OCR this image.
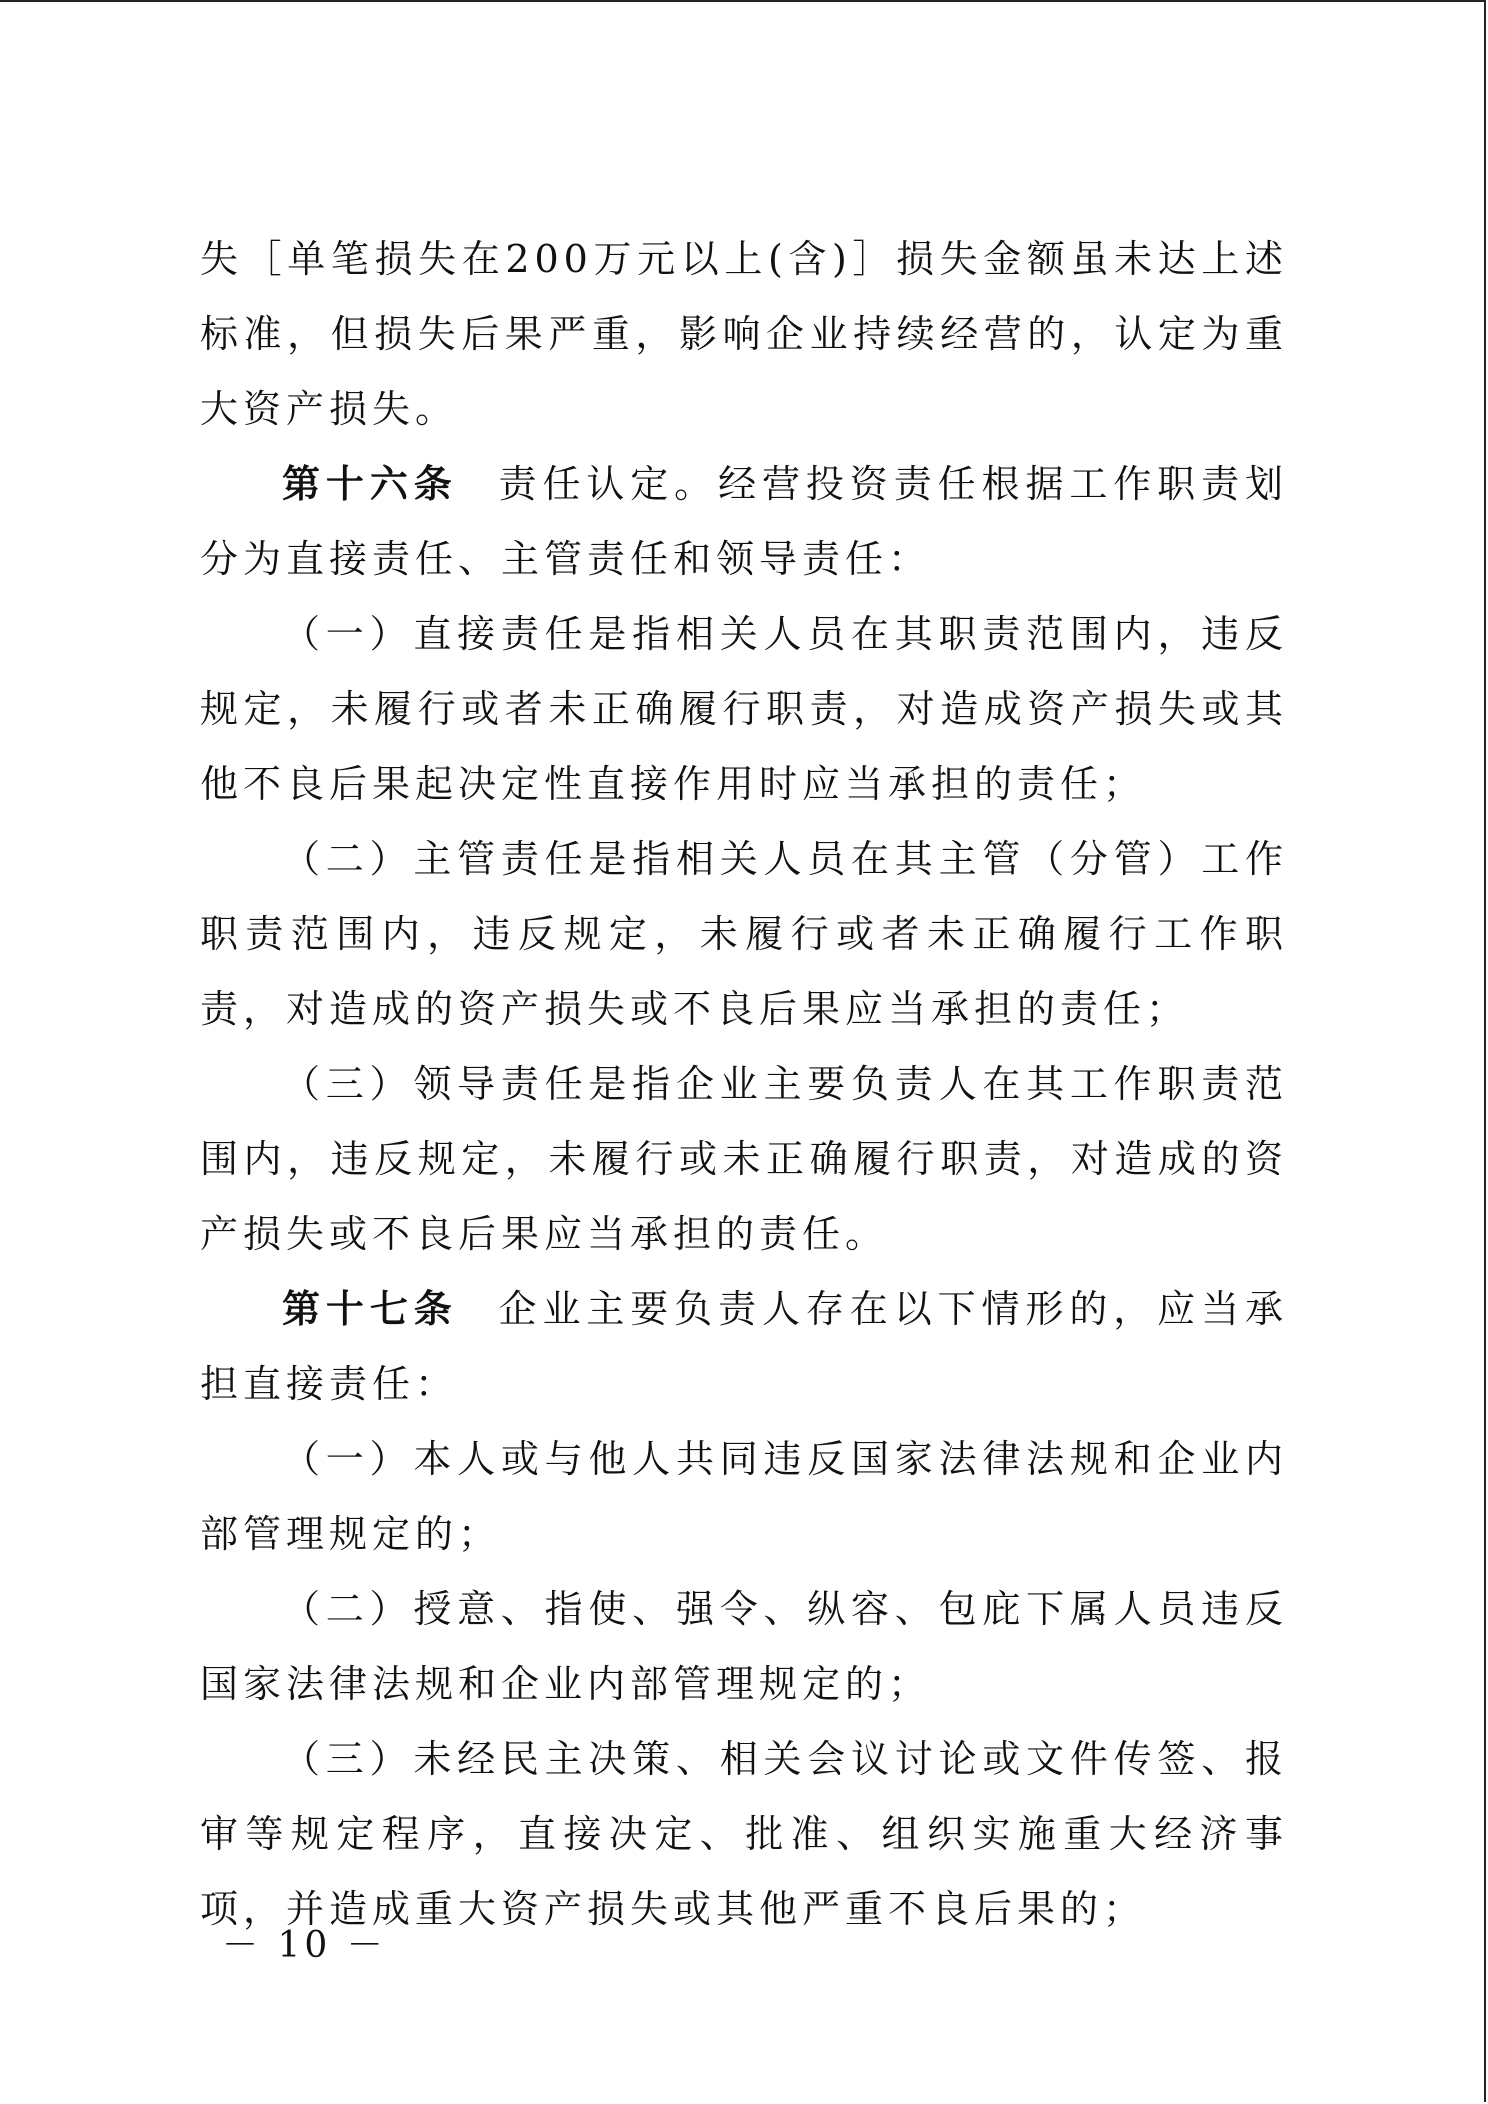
失［单笔损失在200万元以上(含)］损失金额虽未达上述标准，但损失后果严重，影响企业持续经营的，认定为重大资产损失。

第十六条 责任认定。经营投资责任根据工作职责划分为直接责任、主管责任和领导责任：

（一）直接责任是指相关人员在其职责范围内，违反规定，未履行或者未正确履行职责，对造成资产损失或其他不良后果起决定性直接作用时应当承担的责任；

（二）主管责任是指相关人员在其主管（分管）工作职责范围内，违反规定，未履行或者未正确履行工作职责，对造成的资产损失或不良后果应当承担的责任；

（三）领导责任是指企业主要负责人在其工作职责范围内，违反规定，未履行或未正确履行职责，对造成的资产损失或不良后果应当承担的责任。

第十七条 企业主要负责人存在以下情形的，应当承担直接责任：

（一）本人或与他人共同违反国家法律法规和企业内部管理规定的；

（二）授意、指使、强令、纵容、包庇下属人员违反国家法律法规和企业内部管理规定的；

（三）未经民主决策、相关会议讨论或文件传签、报审等规定程序，直接决定、批准、组织实施重大经济事项，并造成重大资产损失或其他严重不良后果的；

－ 10 －
